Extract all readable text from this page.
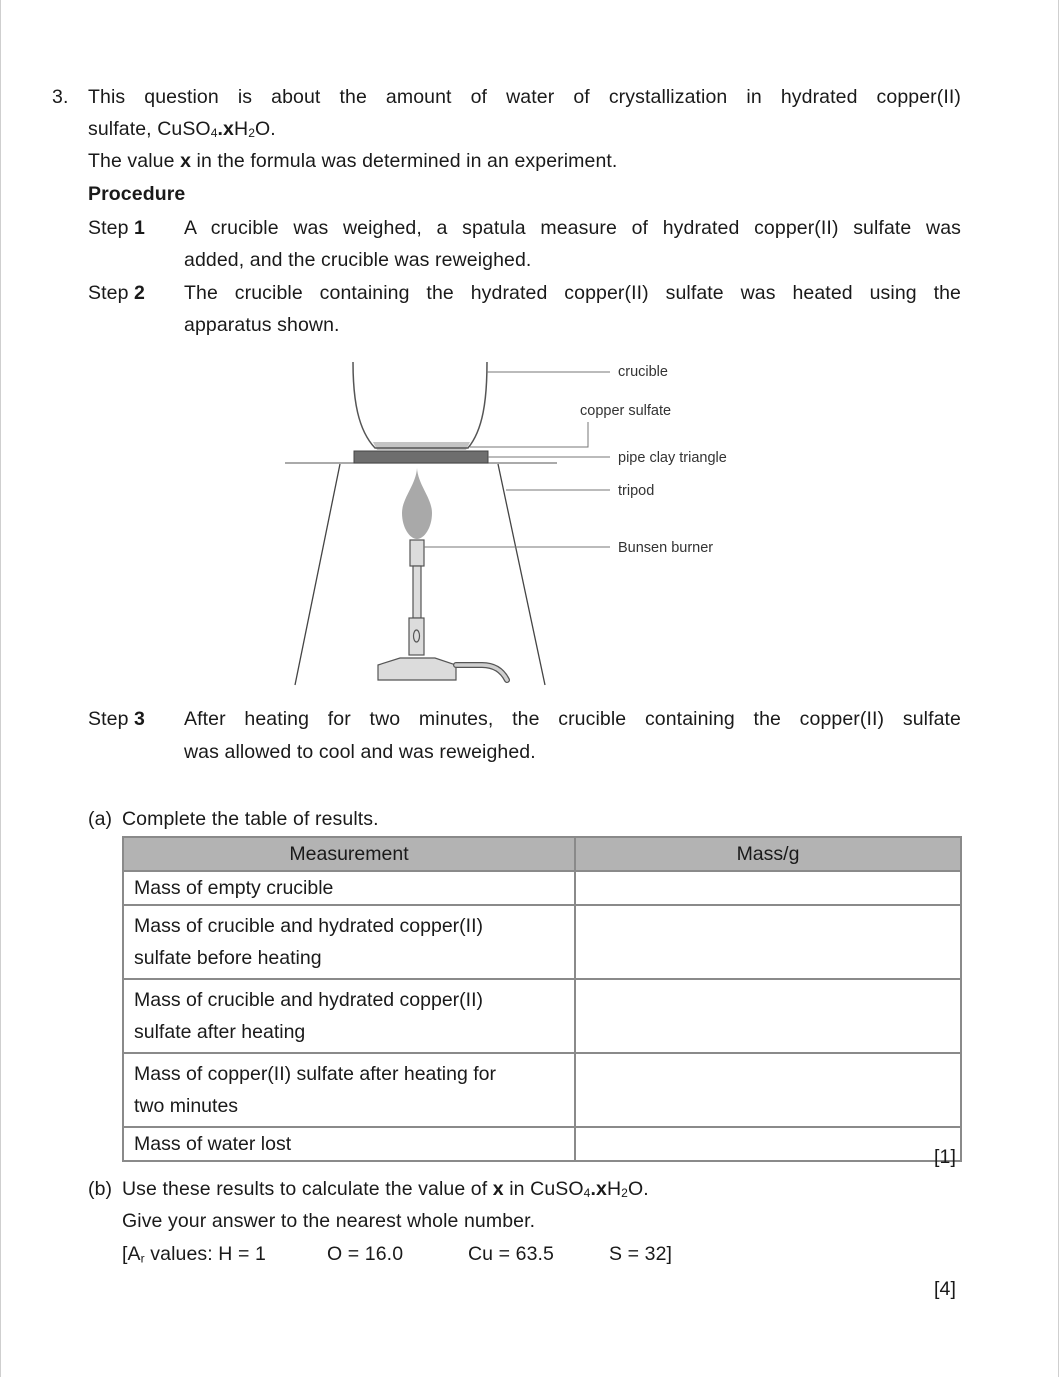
3. This question is about the amount of water of crystallization in hydrated copper(II)
sulfate, $CuSO_4.xH_2O$.
The value x in the formula was determined in an experiment.
Procedure
Step 1 A crucible was weighed, a spatula measure of hydrated copper(II) sulfate was
added, and the crucible was reweighed.
Step 2 The crucible containing the hydrated copper(II) sulfate was heated using the
apparatus shown.
crucible
copper sulfate
pipe clay triangle
tripod
Bunsen burner
Step 3 After heating for two minutes, the crucible containing the copper(II) sulfate
was allowed to cool and was reweighed.
(a) Complete the table of results.
Measurement	Mass/g
Mass of empty crucible	
Mass of crucible and hydrated copper(II)
sulfate before heating	
Mass of crucible and hydrated copper(II)
sulfate after heating	
Mass of copper(II) sulfate after heating for
two minutes	
Mass of water lost	
[1]
(b) Use these results to calculate the value of x in $CuSO_4.xH_2O$.
Give your answer to the nearest whole number.
[Ar values: H = 1	O = 16.0	Cu = 63.5	S = 32]
[4]
